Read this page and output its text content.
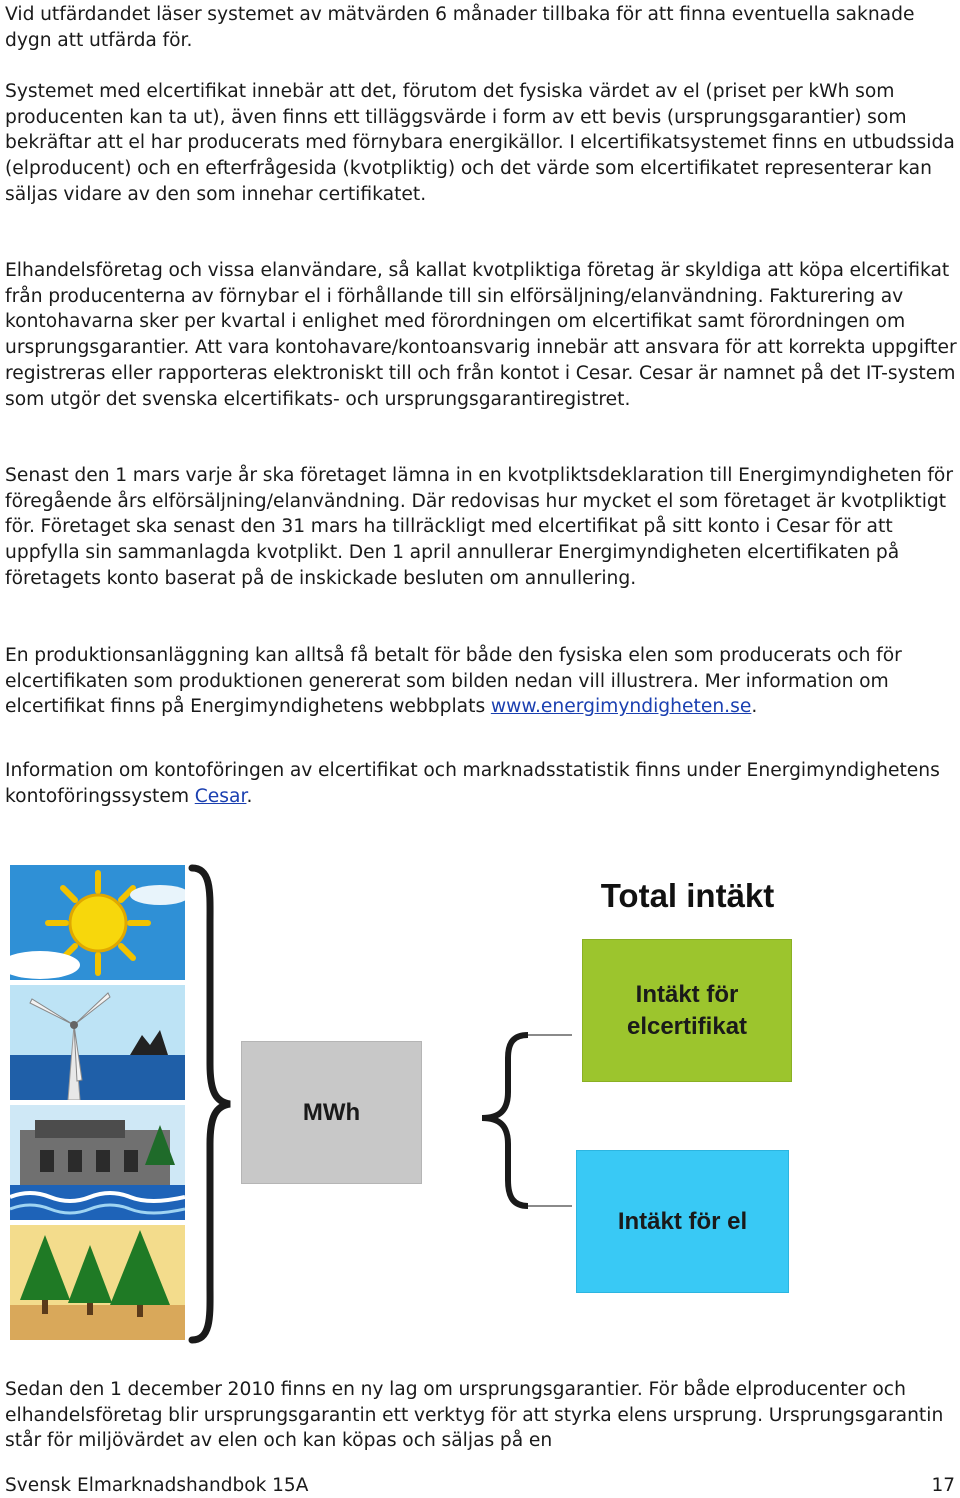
Vid utfärdandet läser systemet av mätvärden 6 månader tillbaka för att finna eventuella saknade dygn att utfärda för.

Systemet med elcertifikat innebär att det, förutom det fysiska värdet av el (priset per kWh som producenten kan ta ut), även finns ett tilläggsvärde i form av ett bevis (ursprungsgarantier) som bekräftar att el har producerats med förnybara energikällor. I elcertifikatsystemet finns en utbudssida (elproducent) och en efterfrågesida (kvotpliktig) och det värde som elcertifikatet representerar kan säljas vidare av den som innehar certifikatet.

Elhandelsföretag och vissa elanvändare, så kallat kvotpliktiga företag är skyldiga att köpa elcertifikat från producenterna av förnybar el i förhållande till sin elförsäljning/elanvändning. Fakturering av kontohavarna sker per kvartal i enlighet med förordningen om elcertifikat samt förordningen om ursprungsgarantier. Att vara kontohavare/kontoansvarig innebär att ansvara för att korrekta uppgifter registreras eller rapporteras elektroniskt till och från kontot i Cesar. Cesar är namnet på det IT-system som utgör det svenska elcertifikats- och ursprungsgarantiregistret.

Senast den 1 mars varje år ska företaget lämna in en kvotpliktsdeklaration till Energimyndigheten för föregående års elförsäljning/elanvändning. Där redovisas hur mycket el som företaget är kvotpliktigt för. Företaget ska senast den 31 mars ha tillräckligt med elcertifikat på sitt konto i Cesar för att uppfylla sin sammanlagda kvotplikt. Den 1 april annullerar Energimyndigheten elcertifikaten på företagets konto baserat på de inskickade besluten om annullering.

En produktionsanläggning kan alltså få betalt för både den fysiska elen som producerats och för elcertifikaten som produktionen genererat som bilden nedan vill illustrera. Mer information om elcertifikat finns på Energimyndighetens webbplats www.energimyndigheten.se.

Information om kontoföringen av elcertifikat och marknadsstatistik finns under Energimyndighetens kontoföringssystem Cesar.

Total intäkt
MWh
Intäkt för elcertifikat
Intäkt för el

Sedan den 1 december 2010 finns en ny lag om ursprungsgarantier. För både elproducenter och elhandelsföretag blir ursprungsgarantin ett verktyg för att styrka elens ursprung. Ursprungsgarantin står för miljövärdet av elen och kan köpas och säljas på en

Svensk Elmarknadshandbok 15A	17
